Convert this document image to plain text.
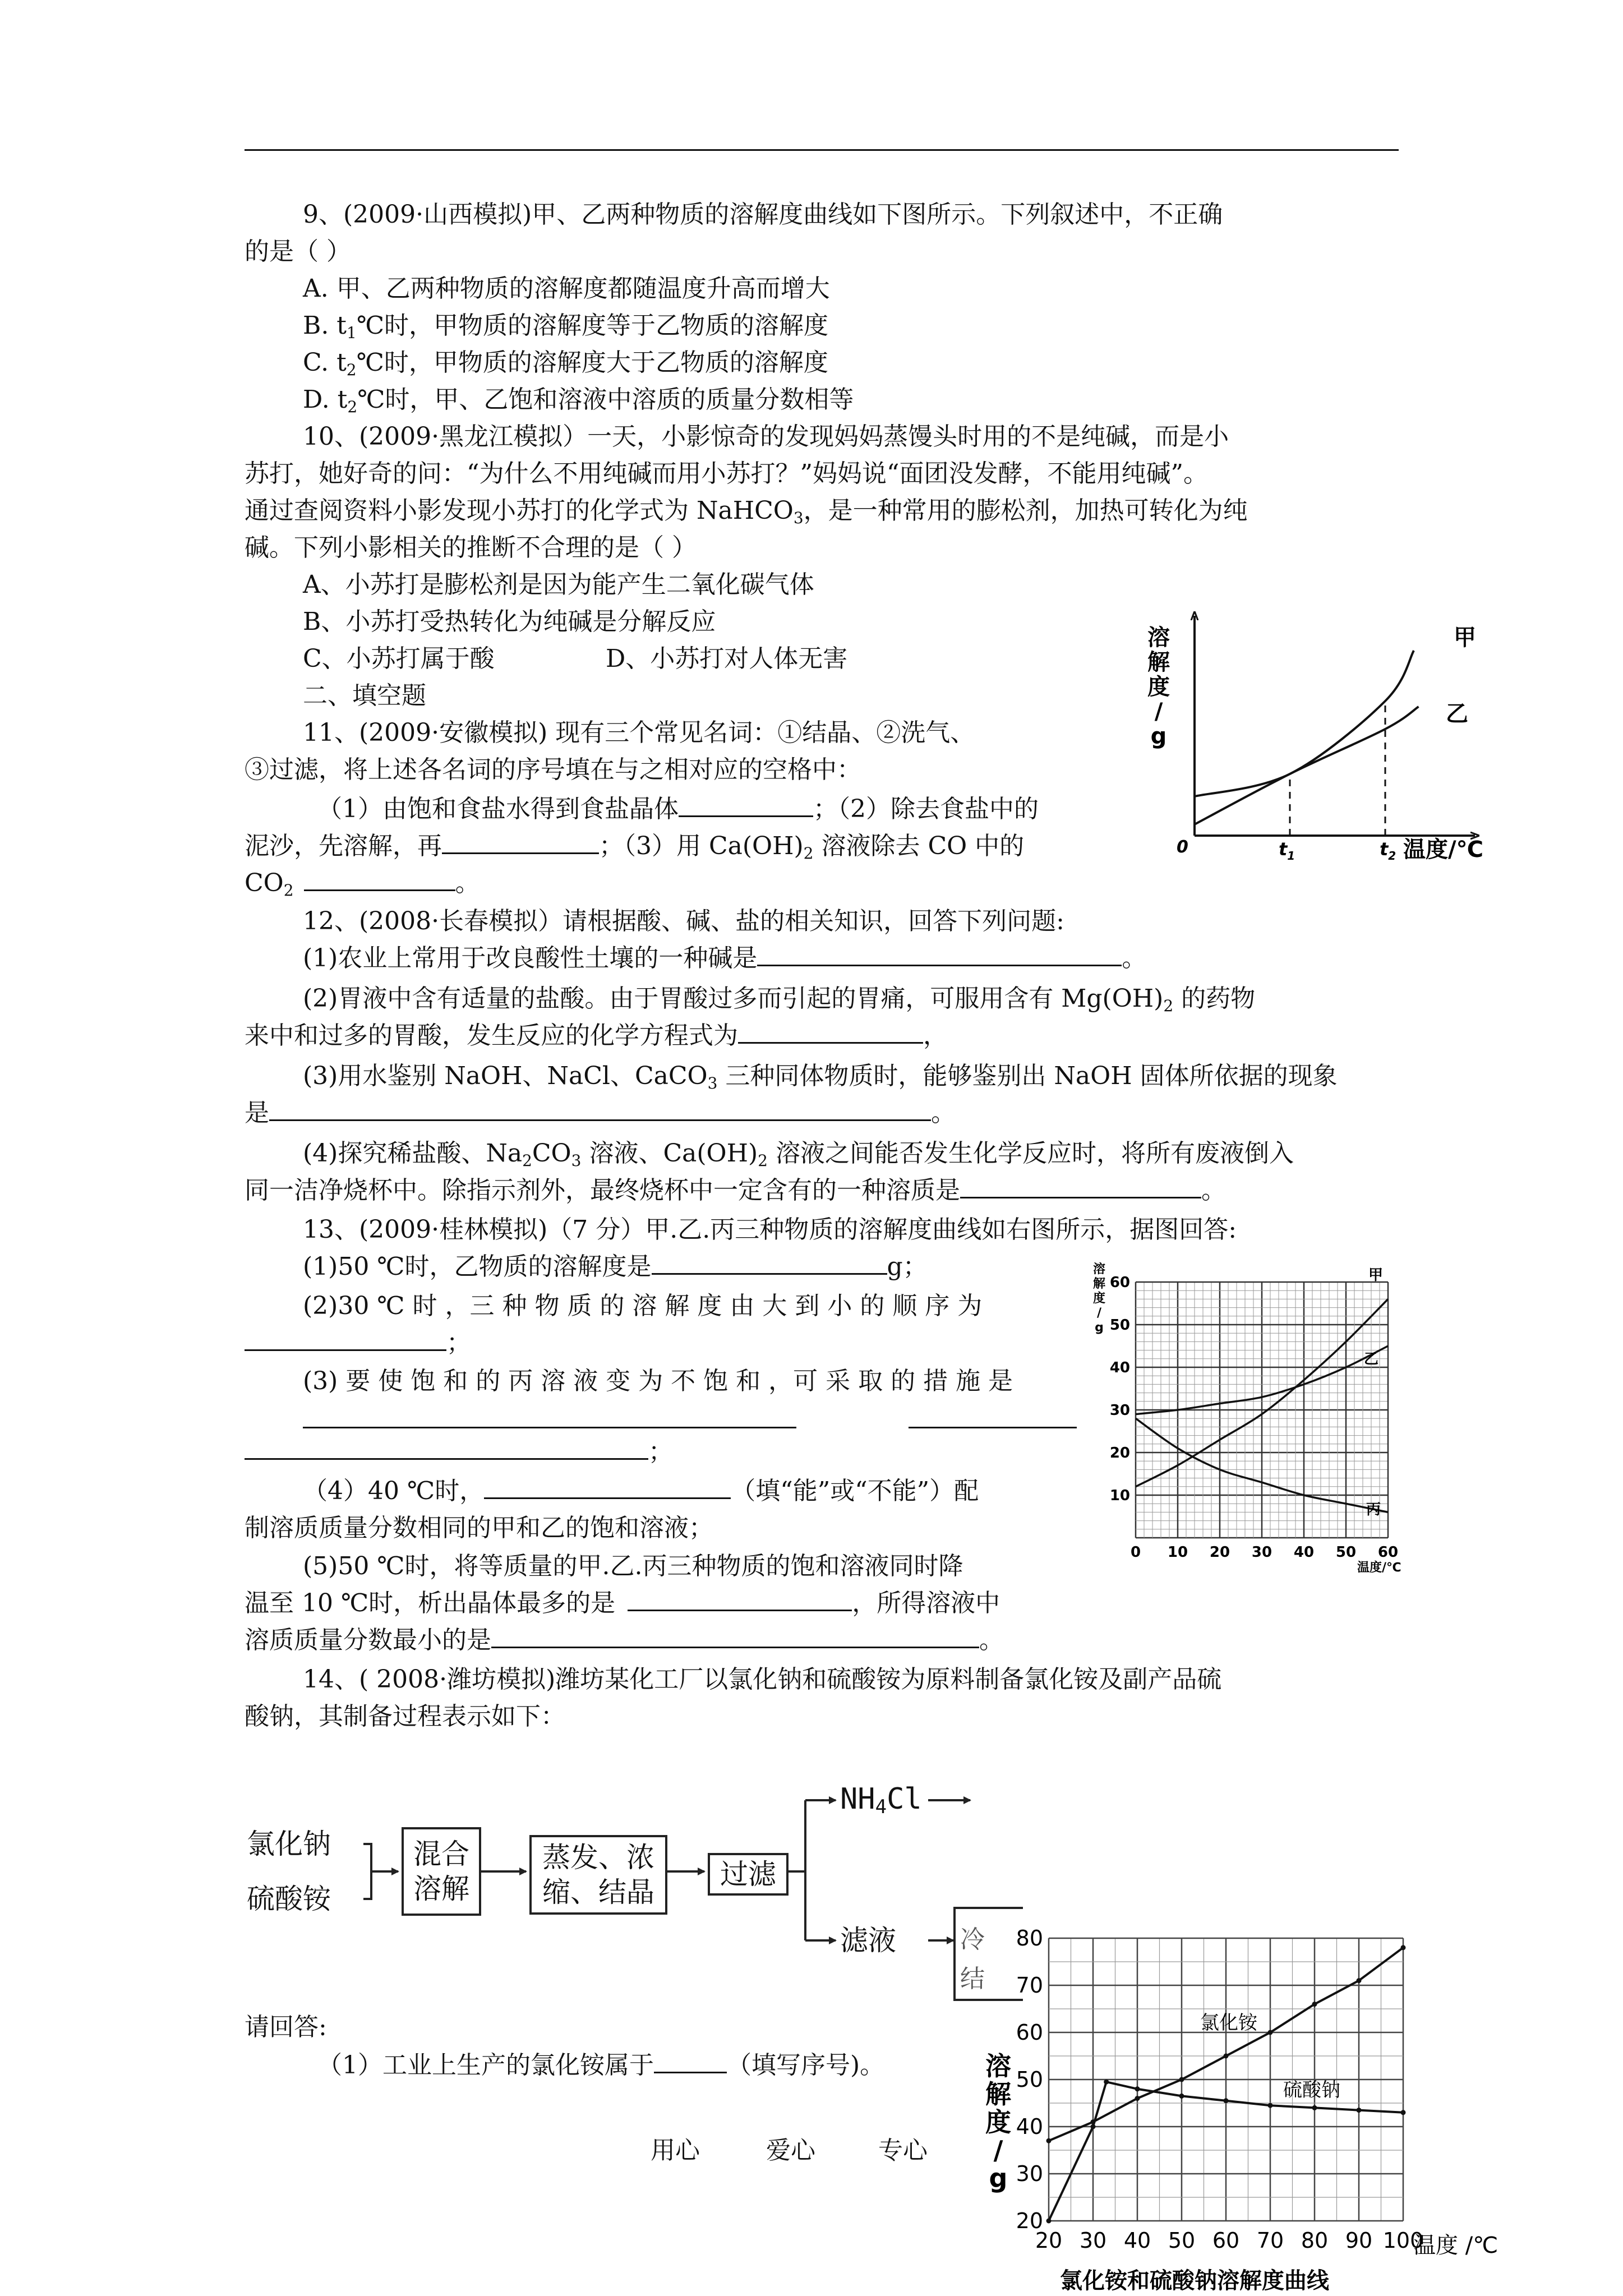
9、(2009·山西模拟)甲、乙两种物质的溶解度曲线如下图所示。下列叙述中，不正确
的是（ ）
A. 甲、乙两种物质的溶解度都随温度升高而增大
B. $t_1℃$时，甲物质的溶解度等于乙物质的溶解度
C. $t_2℃$时，甲物质的溶解度大于乙物质的溶解度
D. $t_2℃$时，甲、乙饱和溶液中溶质的质量分数相等
10、(2009·黑龙江模拟）一天，小影惊奇的发现妈妈蒸馒头时用的不是纯碱，而是小
苏打，她好奇的问：“为什么不用纯碱而用小苏打？”妈妈说“面团没发酵，不能用纯碱”。
通过查阅资料小影发现小苏打的化学式为 NaHCO$_3$，是一种常用的膨松剂，加热可转化为纯
碱。下列小影相关的推断不合理的是（ ）
A、小苏打是膨松剂是因为能产生二氧化碳气体
B、小苏打受热转化为纯碱是分解反应
C、小苏打属于酸	D、小苏打对人体无害
二、填空题
11、(2009·安徽模拟) 现有三个常见名词：①结晶、②洗气、
③过滤，将上述各名词的序号填在与之相对应的空格中：
（1）由饱和食盐水得到食盐晶体	；（2）除去食盐中的
泥沙，先溶解，再	；（3）用 $Ca(OH)_2$ 溶液除去 CO 中的
$CO_2$	。
12、(2008·长春模拟）请根据酸、碱、盐的相关知识，回答下列问题:
(1)农业上常用于改良酸性土壤的一种碱是	。
(2)胃液中含有适量的盐酸。由于胃酸过多而引起的胃痛，可服用含有 $Mg(OH)_2$ 的药物
来中和过多的胃酸，发生反应的化学方程式为	，
(3)用水鉴别 NaOH、NaCl、CaCO$_3$ 三种同体物质时，能够鉴别出 NaOH 固体所依据的现象
是	。
(4)探究稀盐酸、$Na_2CO_3$ 溶液、$Ca(OH)_2$ 溶液之间能否发生化学反应时，将所有废液倒入
同一洁净烧杯中。除指示剂外，最终烧杯中一定含有的一种溶质是	。
13、(2009·桂林模拟)（7 分）甲.乙.丙三种物质的溶解度曲线如右图所示，据图回答:
(1)50 ℃时，乙物质的溶解度是	g；
(2)30 ℃ 时 ，三 种 物 质 的 溶 解 度 由 大 到 小 的 顺 序 为
；
(3) 要 使 饱 和 的 丙 溶 液 变 为 不 饱 和 ，可 采 取 的 措 施 是
；
（4）40 ℃时，	（填“能”或“不能”）配
制溶质质量分数相同的甲和乙的饱和溶液；
(5)50 ℃时，将等质量的甲.乙.丙三种物质的饱和溶液同时降
温至 10 ℃时，析出晶体最多的是	，所得溶液中
溶质质量分数最小的是	。
14、( 2008·潍坊模拟)潍坊某化工厂以氯化钠和硫酸铵为原料制备氯化铵及副产品硫
酸钠，其制备过程表示如下：
氯化钠
硫酸铵
混合
溶解
蒸发、浓
缩、结晶
过滤
$NH_4Cl$
滤液	冷
结
请回答:
（1）工业上生产的氯化铵属于	（填写序号)。
用心	爱心	专心
溶
解
度
/
g
0	$t_1$	$t_2$ 温度/℃
甲
乙
溶
解
度
/
g
0 10 20 30 40 50 60
10
20
30
40
50
60
温度/℃
甲
乙
丙
溶
解
度
/
g
20 30 40 50 60 70 80 90 100
20
30
40
50
60
70
80
温度 /℃
氯化铵和硫酸钠溶解度曲线
氯化铵
硫酸钠
